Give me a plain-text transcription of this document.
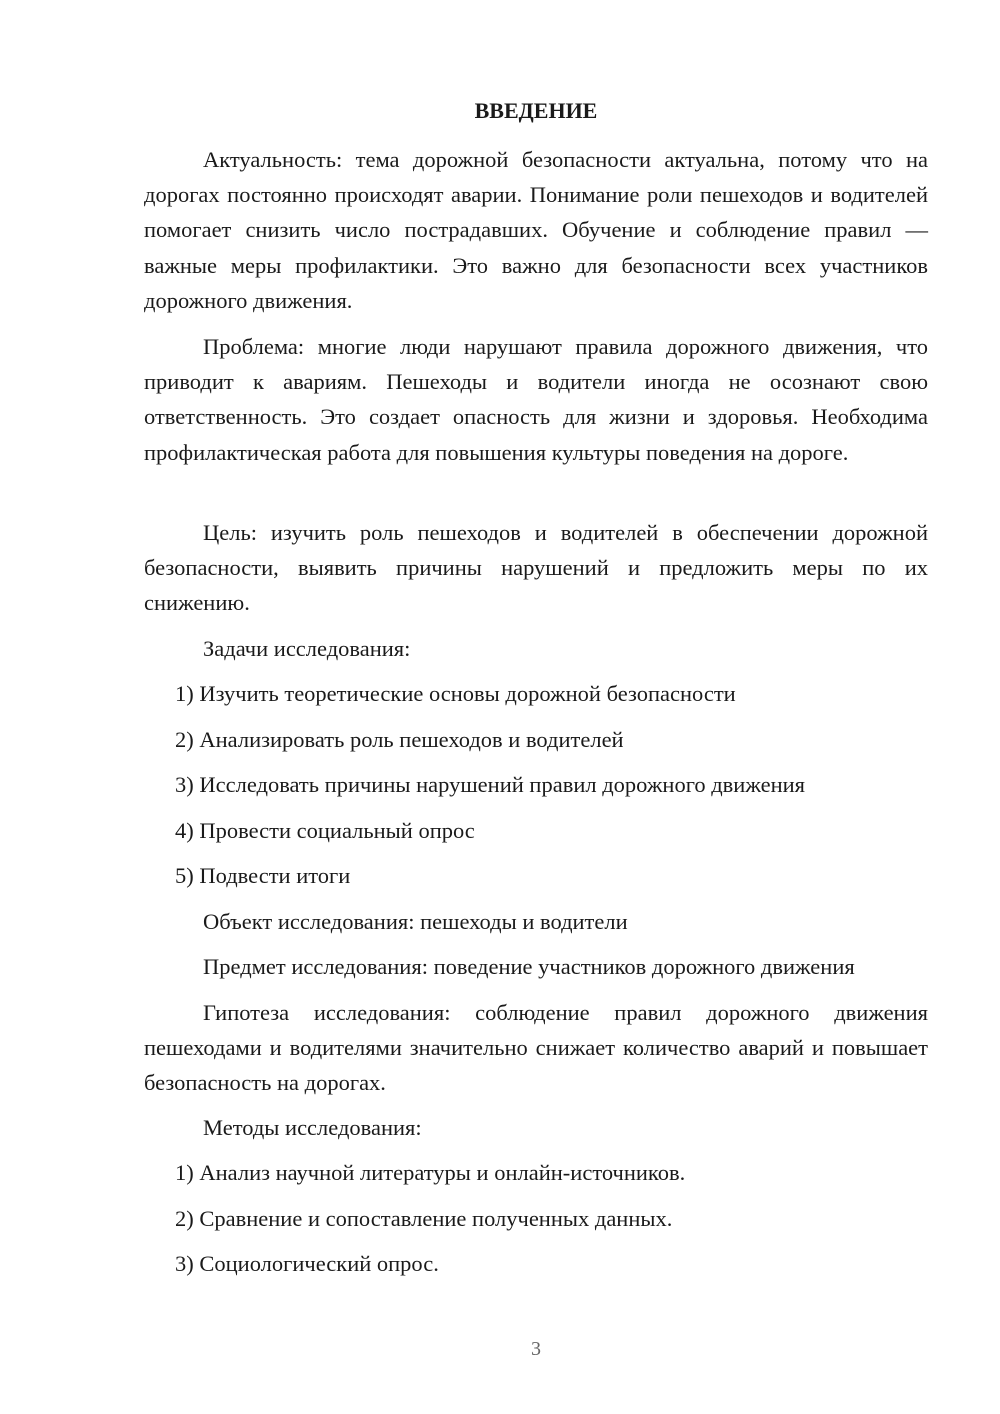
ВВЕДЕНИЕ

Актуальность: тема дорожной безопасности актуальна, потому что на дорогах постоянно происходят аварии. Понимание роли пешеходов и водителей помогает снизить число пострадавших. Обучение и соблюдение правил — важные меры профилактики. Это важно для безопасности всех участников дорожного движения.

Проблема: многие люди нарушают правила дорожного движения, что приводит к авариям. Пешеходы и водители иногда не осознают свою ответственность. Это создает опасность для жизни и здоровья. Необходима профилактическая работа для повышения культуры поведения на дороге.

Цель: изучить роль пешеходов и водителей в обеспечении дорожной безопасности, выявить причины нарушений и предложить меры по их снижению.

Задачи исследования:

1) Изучить теоретические основы дорожной безопасности

2) Анализировать роль пешеходов и водителей

3) Исследовать причины нарушений правил дорожного движения

4) Провести социальный опрос

5) Подвести итоги

Объект исследования: пешеходы и водители

Предмет исследования: поведение участников дорожного движения

Гипотеза исследования: соблюдение правил дорожного движения пешеходами и водителями значительно снижает количество аварий и повышает безопасность на дорогах.

Методы исследования:

1) Анализ научной литературы и онлайн-источников.

2) Сравнение и сопоставление полученных данных.

3) Социологический опрос.

3
